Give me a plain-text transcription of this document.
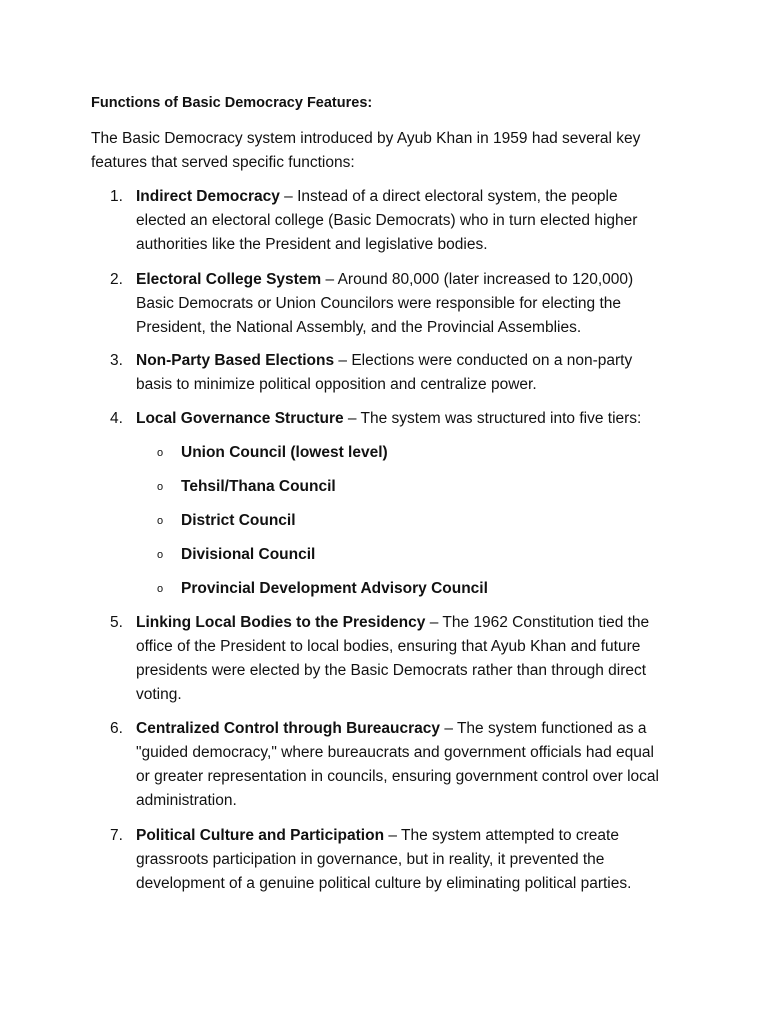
Functions of Basic Democracy Features:

The Basic Democracy system introduced by Ayub Khan in 1959 had several key features that served specific functions:

1. Indirect Democracy – Instead of a direct electoral system, the people elected an electoral college (Basic Democrats) who in turn elected higher authorities like the President and legislative bodies.
2. Electoral College System – Around 80,000 (later increased to 120,000) Basic Democrats or Union Councilors were responsible for electing the President, the National Assembly, and the Provincial Assemblies.
3. Non-Party Based Elections – Elections were conducted on a non-party basis to minimize political opposition and centralize power.
4. Local Governance Structure – The system was structured into five tiers:
o Union Council (lowest level)
o Tehsil/Thana Council
o District Council
o Divisional Council
o Provincial Development Advisory Council
5. Linking Local Bodies to the Presidency – The 1962 Constitution tied the office of the President to local bodies, ensuring that Ayub Khan and future presidents were elected by the Basic Democrats rather than through direct voting.
6. Centralized Control through Bureaucracy – The system functioned as a "guided democracy," where bureaucrats and government officials had equal or greater representation in councils, ensuring government control over local administration.
7. Political Culture and Participation – The system attempted to create grassroots participation in governance, but in reality, it prevented the development of a genuine political culture by eliminating political parties.
